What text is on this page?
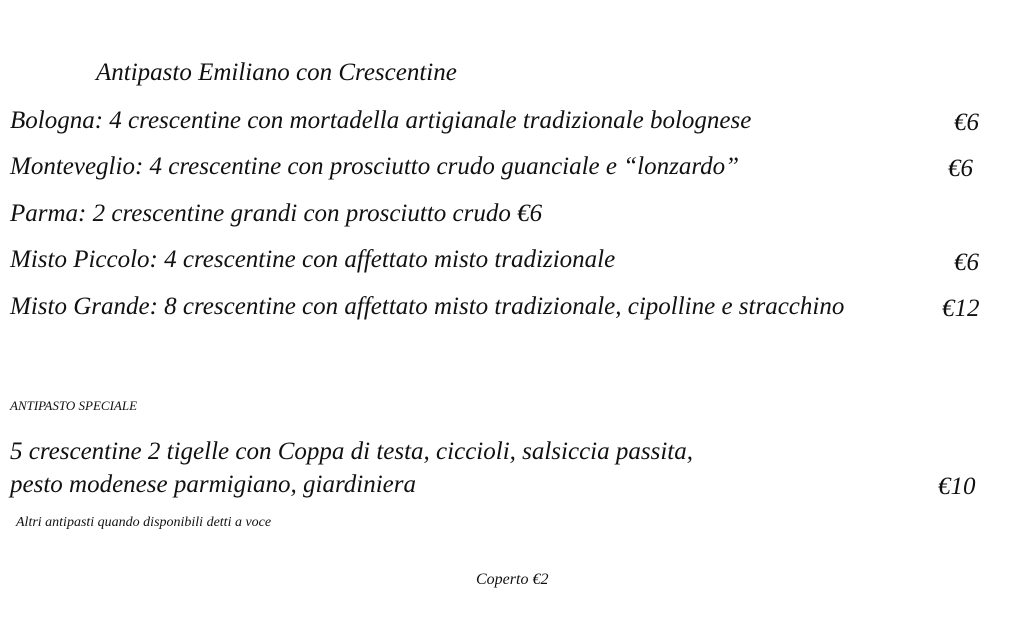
Antipasto Emiliano con Crescentine
Bologna: 4 crescentine con mortadella artigianale tradizionale bolognese	€6
Monteveglio: 4 crescentine con prosciutto crudo guanciale e “lonzardo”	€6
Parma: 2 crescentine grandi con prosciutto crudo €6
Misto Piccolo: 4 crescentine con affettato misto tradizionale	€6
Misto Grande: 8 crescentine con affettato misto tradizionale, cipolline e stracchino	€12
ANTIPASTO SPECIALE
5 crescentine 2 tigelle con Coppa di testa, ciccioli, salsiccia passita,
pesto modenese parmigiano, giardiniera	€10
Altri antipasti quando disponibili detti a voce
Coperto €2
